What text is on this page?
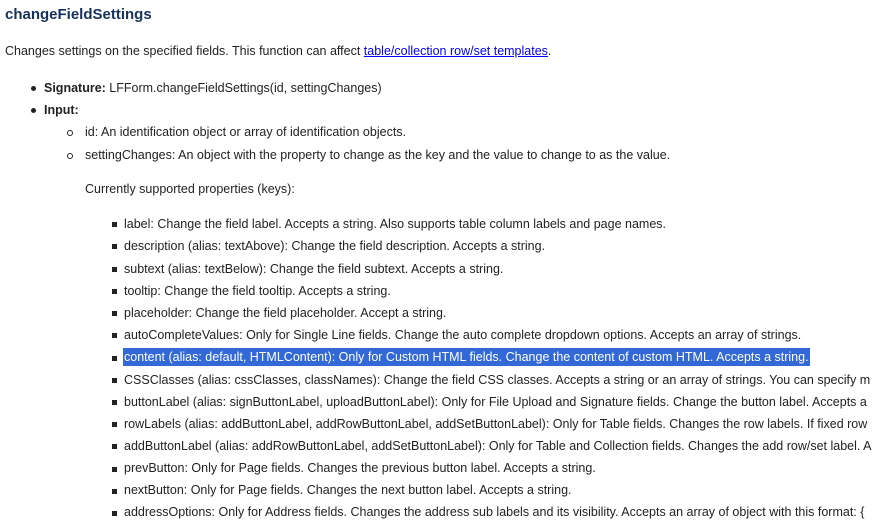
changeFieldSettings

Changes settings on the specified fields. This function can affect table/collection row/set templates.

Signature: LFForm.changeFieldSettings(id, settingChanges)
Input:
id: An identification object or array of identification objects.
settingChanges: An object with the property to change as the key and the value to change to as the value.
Currently supported properties (keys):
label: Change the field label. Accepts a string. Also supports table column labels and page names.
description (alias: textAbove): Change the field description. Accepts a string.
subtext (alias: textBelow): Change the field subtext. Accepts a string.
tooltip: Change the field tooltip. Accepts a string.
placeholder: Change the field placeholder. Accept a string.
autoCompleteValues: Only for Single Line fields. Change the auto complete dropdown options. Accepts an array of strings.
content (alias: default, HTMLContent): Only for Custom HTML fields. Change the content of custom HTML. Accepts a string.
CSSClasses (alias: cssClasses, classNames): Change the field CSS classes. Accepts a string or an array of strings. You can specify m
buttonLabel (alias: signButtonLabel, uploadButtonLabel): Only for File Upload and Signature fields. Change the button label. Accepts a
rowLabels (alias: addButtonLabel, addRowButtonLabel, addSetButtonLabel): Only for Table fields. Changes the row labels. If fixed row
addButtonLabel (alias: addRowButtonLabel, addSetButtonLabel): Only for Table and Collection fields. Changes the add row/set label. A
prevButton: Only for Page fields. Changes the previous button label. Accepts a string.
nextButton: Only for Page fields. Changes the next button label. Accepts a string.
addressOptions: Only for Address fields. Changes the address sub labels and its visibility. Accepts an array of object with this format: {
